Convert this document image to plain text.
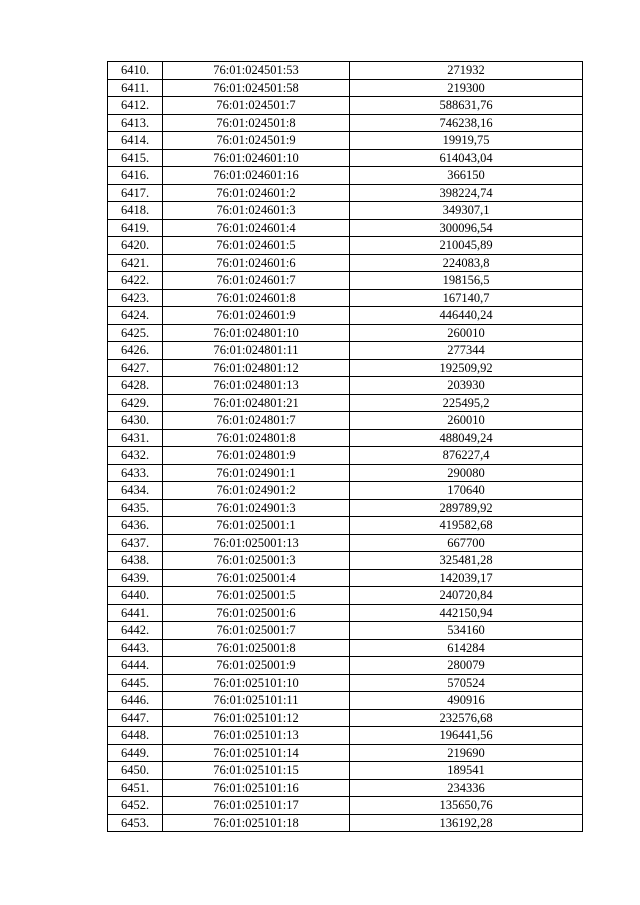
6410.	76:01:024501:53	271932
6411.	76:01:024501:58	219300
6412.	76:01:024501:7	588631,76
6413.	76:01:024501:8	746238,16
6414.	76:01:024501:9	19919,75
6415.	76:01:024601:10	614043,04
6416.	76:01:024601:16	366150
6417.	76:01:024601:2	398224,74
6418.	76:01:024601:3	349307,1
6419.	76:01:024601:4	300096,54
6420.	76:01:024601:5	210045,89
6421.	76:01:024601:6	224083,8
6422.	76:01:024601:7	198156,5
6423.	76:01:024601:8	167140,7
6424.	76:01:024601:9	446440,24
6425.	76:01:024801:10	260010
6426.	76:01:024801:11	277344
6427.	76:01:024801:12	192509,92
6428.	76:01:024801:13	203930
6429.	76:01:024801:21	225495,2
6430.	76:01:024801:7	260010
6431.	76:01:024801:8	488049,24
6432.	76:01:024801:9	876227,4
6433.	76:01:024901:1	290080
6434.	76:01:024901:2	170640
6435.	76:01:024901:3	289789,92
6436.	76:01:025001:1	419582,68
6437.	76:01:025001:13	667700
6438.	76:01:025001:3	325481,28
6439.	76:01:025001:4	142039,17
6440.	76:01:025001:5	240720,84
6441.	76:01:025001:6	442150,94
6442.	76:01:025001:7	534160
6443.	76:01:025001:8	614284
6444.	76:01:025001:9	280079
6445.	76:01:025101:10	570524
6446.	76:01:025101:11	490916
6447.	76:01:025101:12	232576,68
6448.	76:01:025101:13	196441,56
6449.	76:01:025101:14	219690
6450.	76:01:025101:15	189541
6451.	76:01:025101:16	234336
6452.	76:01:025101:17	135650,76
6453.	76:01:025101:18	136192,28
